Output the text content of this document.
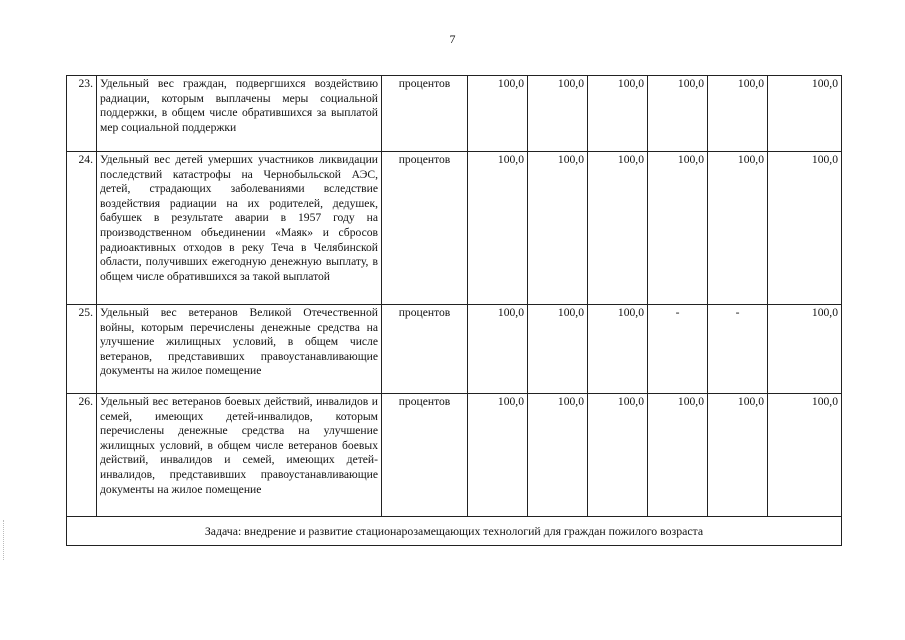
7
23.	Удельный вес граждан, подвергшихся воздействию радиации, которым выплачены меры социальной поддержки, в общем числе обратившихся за выплатой мер социальной поддержки	процентов	100,0	100,0	100,0	100,0	100,0	100,0
24.	Удельный вес детей умерших участников ликвидации последствий катастрофы на Чернобыльской АЭС, детей, страдающих заболеваниями вследствие воздействия радиации на их родителей, дедушек, бабушек в результате аварии в 1957 году на производственном объединении «Маяк» и сбросов радиоактивных отходов в реку Теча в Челябинской области, получивших ежегодную денежную выплату, в общем числе обратившихся за такой выплатой	процентов	100,0	100,0	100,0	100,0	100,0	100,0
25.	Удельный вес ветеранов Великой Отечественной войны, которым перечислены денежные средства на улучшение жилищных условий, в общем числе ветеранов, представивших правоустанавливающие документы на жилое помещение	процентов	100,0	100,0	100,0	-	-	100,0
26.	Удельный вес ветеранов боевых действий, инвалидов и семей, имеющих детей-инвалидов, которым перечислены денежные средства на улучшение жилищных условий, в общем числе ветеранов боевых действий, инвалидов и семей, имеющих детей-инвалидов, представивших правоустанавливающие документы на жилое помещение	процентов	100,0	100,0	100,0	100,0	100,0	100,0
Задача: внедрение и развитие стационарозамещающих технологий для граждан пожилого возраста								
